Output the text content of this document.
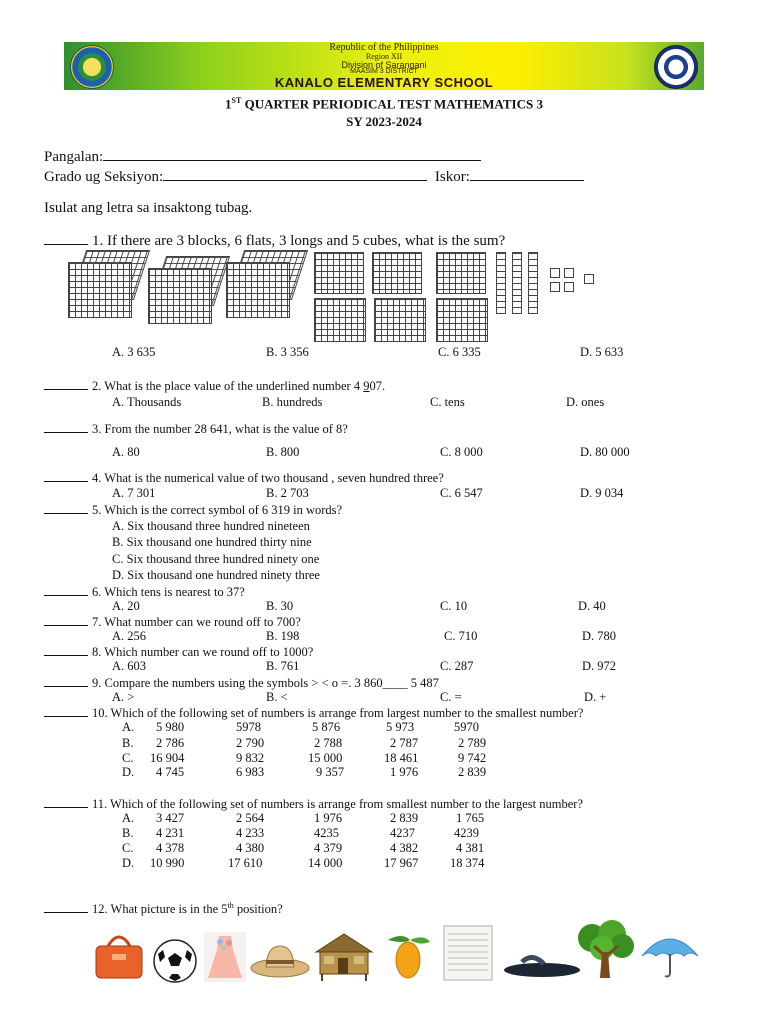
Republic of the Philippines
Region XII
Division of Sarangani
MAASIM 3 DISTRICT
KANALO ELEMENTARY SCHOOL
1ST QUARTER PERIODICAL TEST MATHEMATICS 3
SY 2023-2024
Pangalan:
Grado ug Seksiyon:	Iskor:
Isulat ang letra sa insaktong tubag.
1. If there are 3 blocks, 6 flats, 3 longs and 5 cubes, what is the sum?
A. 3 635	B. 3 356	C. 6 335	D. 5 633
2. What is the place value of the underlined number 4 907.
A. Thousands	B. hundreds	C. tens	D. ones
3. From the number 28 641, what is the value of 8?
A. 80	B. 800	C. 8 000	D. 80 000
4. What is the numerical value of two thousand , seven hundred three?
A. 7 301	B. 2 703	C. 6 547	D. 9 034
5. Which is the correct symbol of 6 319 in words?
A. Six thousand three hundred nineteen
B. Six thousand one hundred thirty nine
C. Six thousand three hundred ninety one
D. Six thousand one hundred ninety three
6. Which tens is nearest to 37?
A. 20	B. 30	C. 10	D. 40
7. What number can we round off to 700?
A. 256	B. 198	C. 710	D. 780
8. Which number can we round off to 1000?
A. 603	B. 761	C. 287	D. 972
9. Compare the numbers using the symbols > < o =. 3 860____ 5 487
A. >	B. <	C. =	D. +
10. Which of the following set of numbers is arrange from largest number to the smallest number?
A. 5 980	5978	5 876	5 973	5970
B. 2 786	2 790	2 788	2 787	2 789
C. 16 904	9 832	15 000	18 461	9 742
D. 4 745	6 983	9 357	1 976	2 839
11. Which of the following set of numbers is arrange from smallest number to the largest number?
A. 3 427	2 564	1 976	2 839	1 765
B. 4 231	4 233	4235	4237	4239
C. 4 378	4 380	4 379	4 382	4 381
D. 10 990	17 610	14 000	17 967	18 374
12. What picture is in the 5th position?
